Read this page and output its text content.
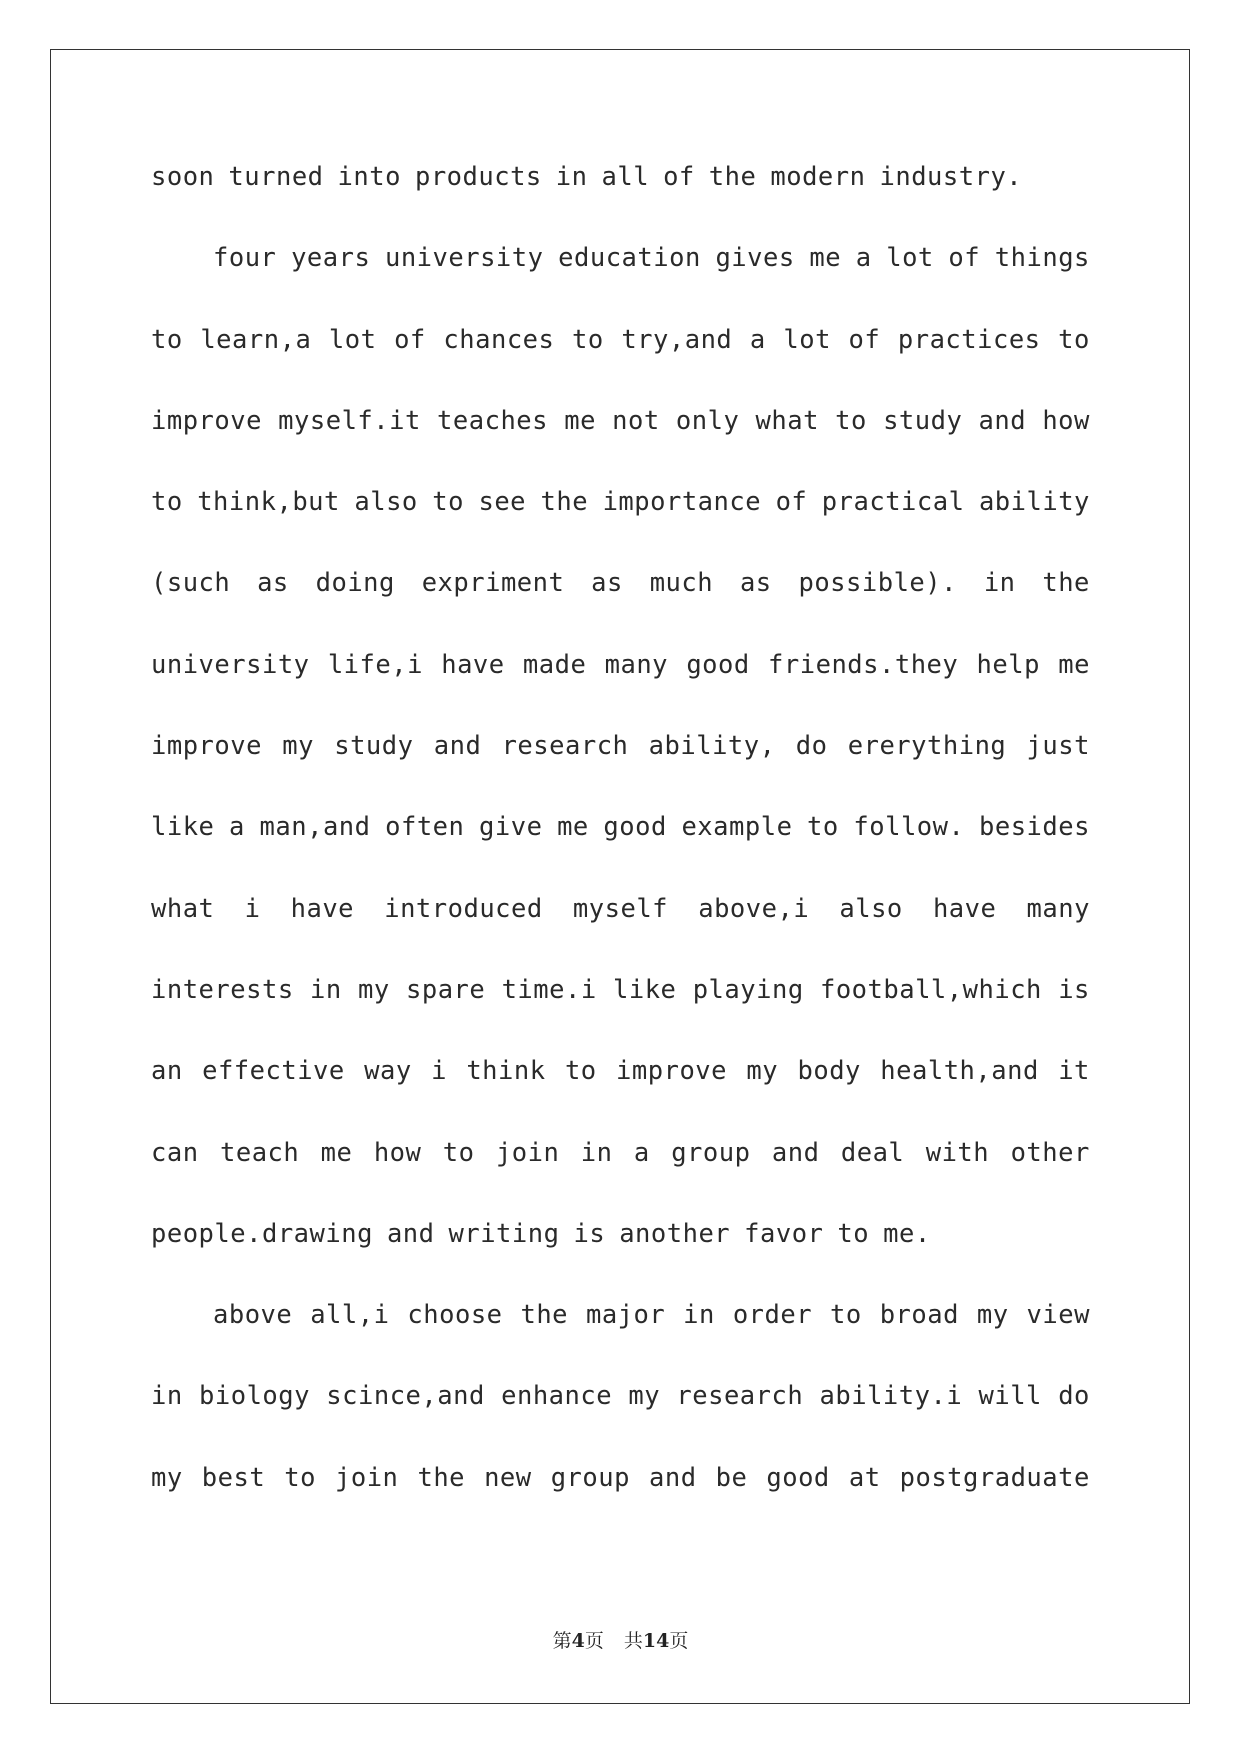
soon turned into products in all of the modern industry.
four years university education gives me a lot of things
to learn,a lot of chances to try,and a lot of practices to
improve myself.it teaches me not only what to study and how
to think,but also to see the importance of practical ability
(such as doing expriment as much as possible). in the
university life,i have made many good friends.they help me
improve my study and research ability, do ererything just
like a man,and often give me good example to follow. besides
what i have introduced myself above,i also have many
interests in my spare time.i like playing football,which is
an effective way i think to improve my body health,and it
can teach me how to join in a group and deal with other
people.drawing and writing is another favor to me.
above all,i choose the major in order to broad my view
in biology scince,and enhance my research ability.i will do
my best to join the new group and be good at postgraduate
第4页 共14页
